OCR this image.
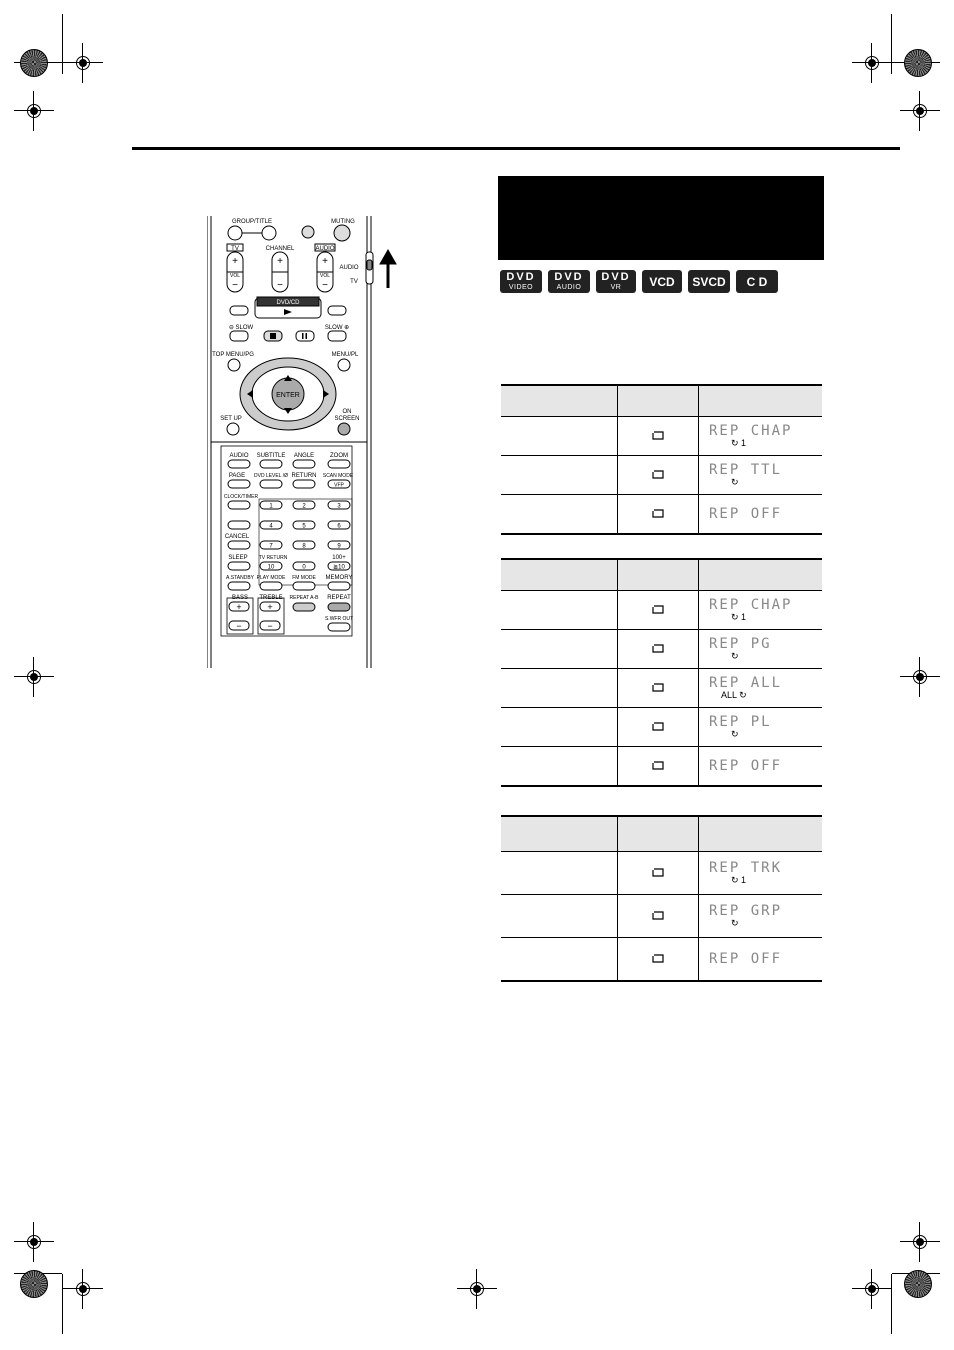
GROUP/TITLE	MUTING
TV	CHANNEL	AUDIO
VOL	VOL
+	+	+
−	−	−
AUDIO
TV
DVD/CD
⊖ SLOW	SLOW ⊕
TOP MENU/PG	MENU/PL
ENTER
SET UP
ON
SCREEN
AUDIO SUBTITLE ANGLE	ZOOM
PAGE DVD LEVEL /Ø RETURN SCAN MODE
VFP
CLOCK/TIMER
1	2	3
4	5	6
CANCEL
7	8	9
SLEEP TV RETURN	100+
10	0	≧10
A.STANDBY PLAY MODE FM MODE MEMORY
BASS TREBLE REPEAT A-B REPEAT
S.WFR OUT
+
−
+
−
DVD
VIDEO
DVD
AUDIO
DVD
VR VCD SVCD C D

REP CHAP
↻ 1

REP TTL
↻

REP OFF

REP CHAP
↻ 1

REP PG
↻

REP ALL
ALL ↻

REP PL
↻

REP OFF

REP TRK
↻ 1

REP GRP
↻

REP OFF
